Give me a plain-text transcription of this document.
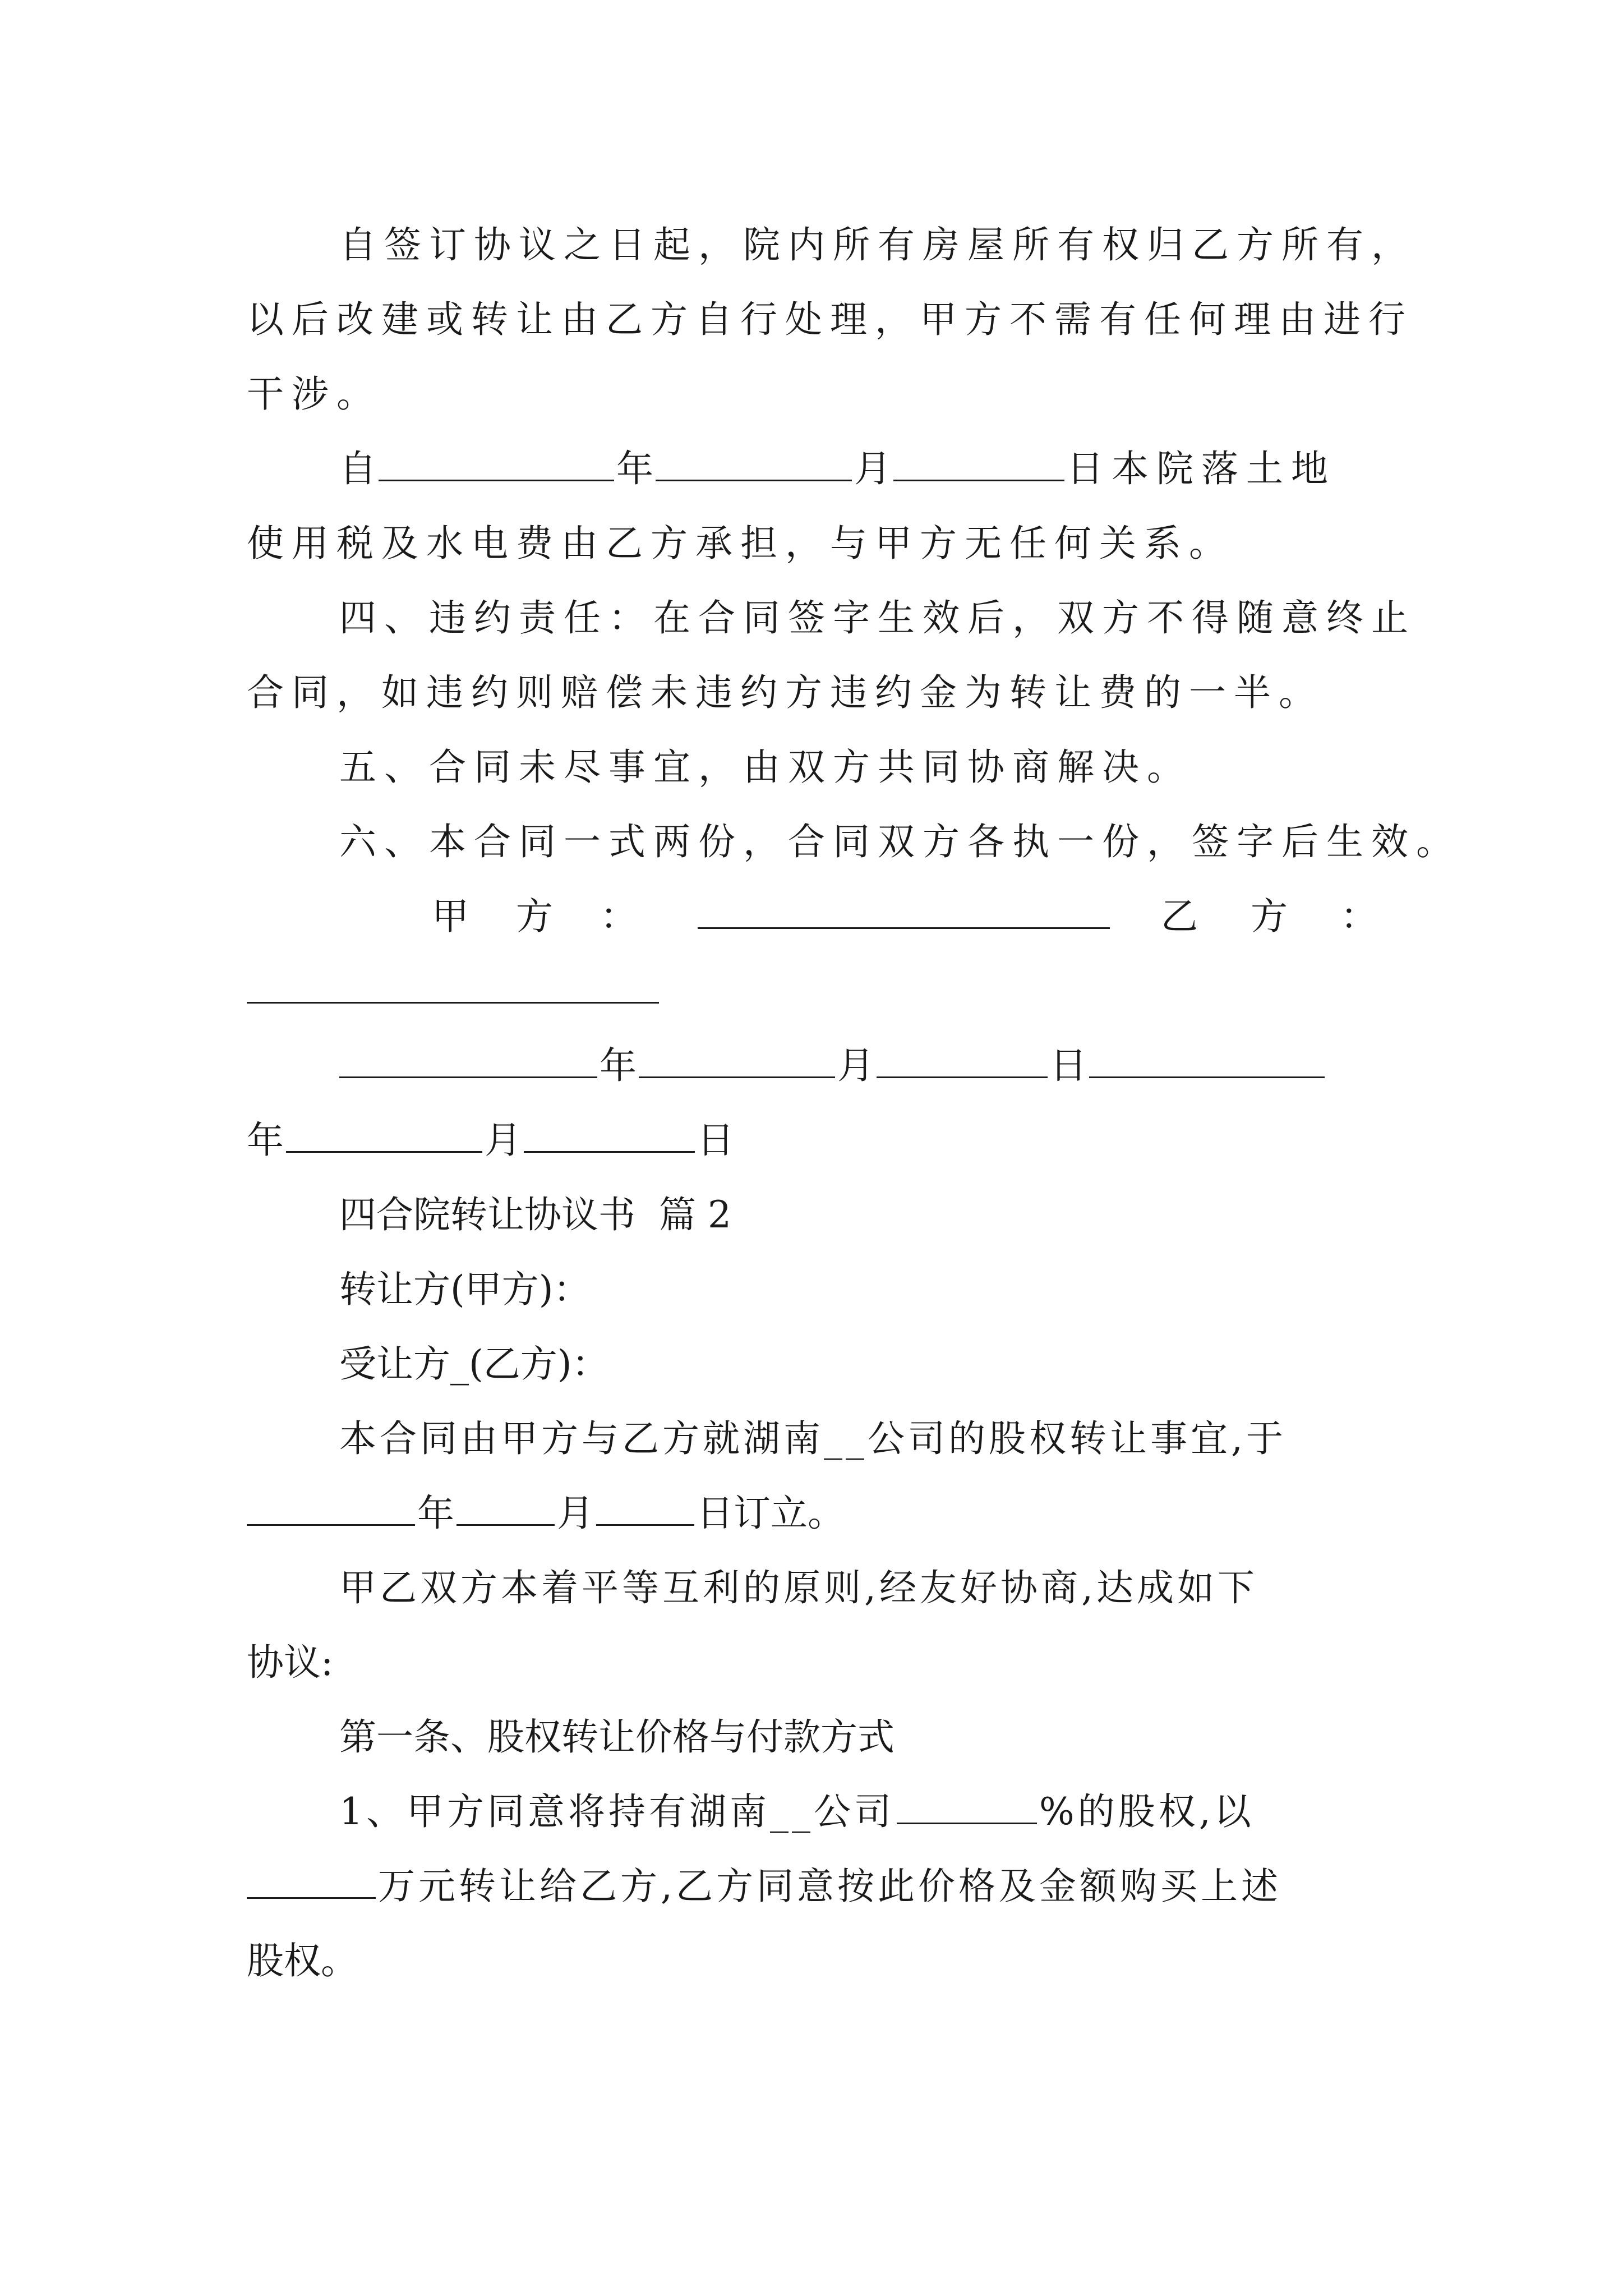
自签订协议之日起，院内所有房屋所有权归乙方所有，
以后改建或转让由乙方自行处理，甲方不需有任何理由进行
干涉。
自	年	月	日本院落土地
使用税及水电费由乙方承担，与甲方无任何关系。
四、违约责任：在合同签字生效后，双方不得随意终止
合同，如违约则赔偿未违约方违约金为转让费的一半。
五、合同未尽事宜，由双方共同协商解决。
六、本合同一式两份，合同双方各执一份，签字后生效。
甲 方 ：	乙 方 ：
年	月	日
年	月	日
四合院转让协议书  篇 2
转让方(甲方)：
受让方_(乙方)：
本合同由甲方与乙方就湖南__公司的股权转让事宜,于
年	月	日订立。
甲乙双方本着平等互利的原则,经友好协商,达成如下
协议:
第一条、股权转让价格与付款方式
1、甲方同意将持有湖南__公司	%的股权,以
万元转让给乙方,乙方同意按此价格及金额购买上述
股权。
